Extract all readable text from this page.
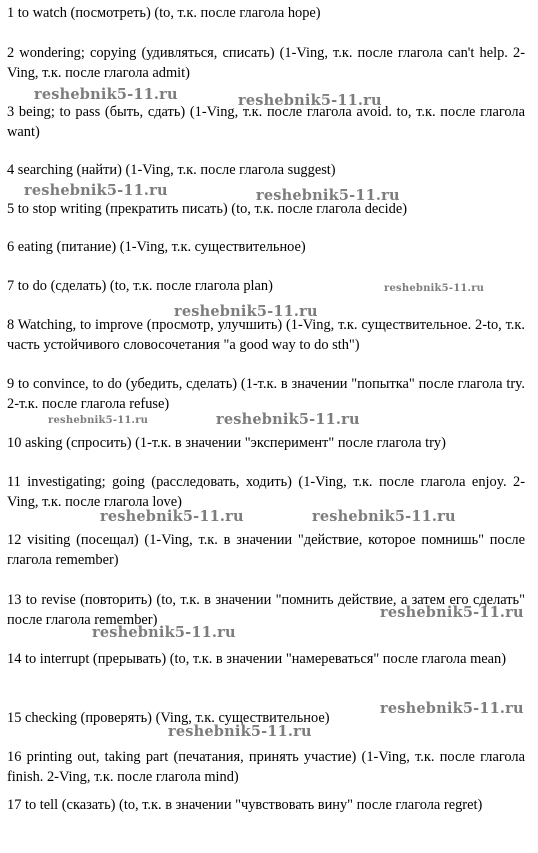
1 to watch (посмотреть) (to, т.к. после глагола hope)

2 wondering; copying (удивляться, списать) (1-Ving, т.к. после глагола can't help. 2-Ving, т.к. после глагола admit)

3 being; to pass (быть, сдать) (1-Ving, т.к. после глагола avoid. to, т.к. после глагола want)

4 searching (найти) (1-Ving, т.к. после глагола suggest)

5 to stop writing (прекратить писать) (to, т.к. после глагола decide)

6 eating (питание) (1-Ving, т.к. существительное)

7 to do (сделать) (to, т.к. после глагола plan)

8 Watching, to improve (просмотр, улучшить) (1-Ving, т.к. существительное. 2-to, т.к. часть устойчивого словосочетания "a good way to do sth")

9 to convince, to do (убедить, сделать) (1-т.к. в значении "попытка" после глагола try. 2-т.к. после глагола refuse)

10 asking (спросить) (1-т.к. в значении "эксперимент" после глагола try)

11 investigating; going (расследовать, ходить) (1-Ving, т.к. после глагола enjoy. 2-Ving, т.к. после глагола love)

12 visiting (посещал) (1-Ving, т.к. в значении "действие, которое помнишь" после глагола remember)

13 to revise (повторить) (to, т.к. в значении "помнить действие, а затем его сделать" после глагола remember)

14 to interrupt (прерывать) (to, т.к. в значении "намереваться" после глагола mean)

15 checking (проверять) (Ving, т.к. существительное)

16 printing out, taking part (печатания, принять участие) (1-Ving, т.к. после глагола finish. 2-Ving, т.к. после глагола mind)

17 to tell (сказать) (to, т.к. в значении "чувствовать вину" после глагола regret)

reshebnik5-11.ru	reshebnik5-11.ru
reshebnik5-11.ru	reshebnik5-11.ru
reshebnik5-11.ru
reshebnik5-11.ru
reshebnik5-11.ru	reshebnik5-11.ru
reshebnik5-11.ru	reshebnik5-11.ru
reshebnik5-11.ru
reshebnik5-11.ru
reshebnik5-11.ru
reshebnik5-11.ru
